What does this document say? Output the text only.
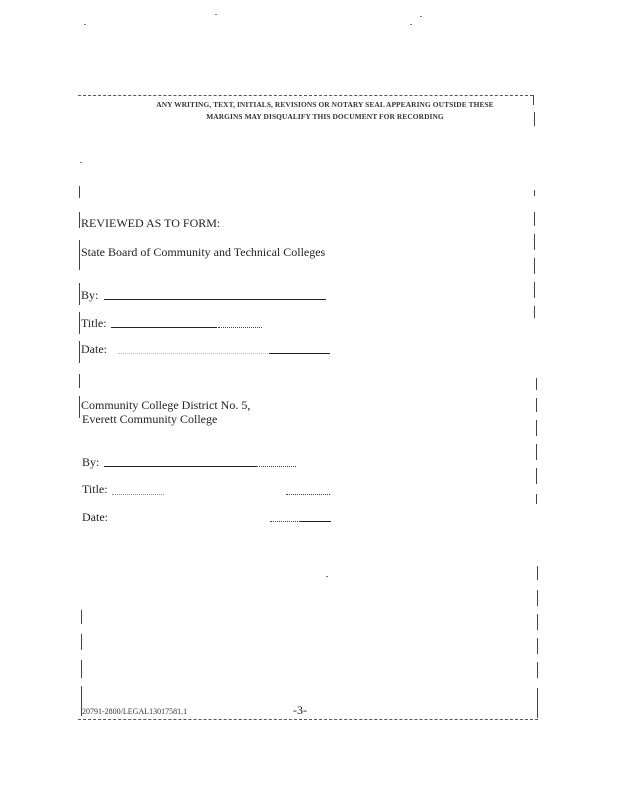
ANY WRITING, TEXT, INITIALS, REVISIONS OR NOTARY SEAL APPEARING OUTSIDE THESE
MARGINS MAY DISQUALIFY THIS DOCUMENT FOR RECORDING
REVIEWED AS TO FORM:
State Board of Community and Technical Colleges
By:
Title:
Date:
Community College District No. 5,
Everett Community College
By:
Title:
Date:
20791-2800/LEGAL13017581.1	-3-
